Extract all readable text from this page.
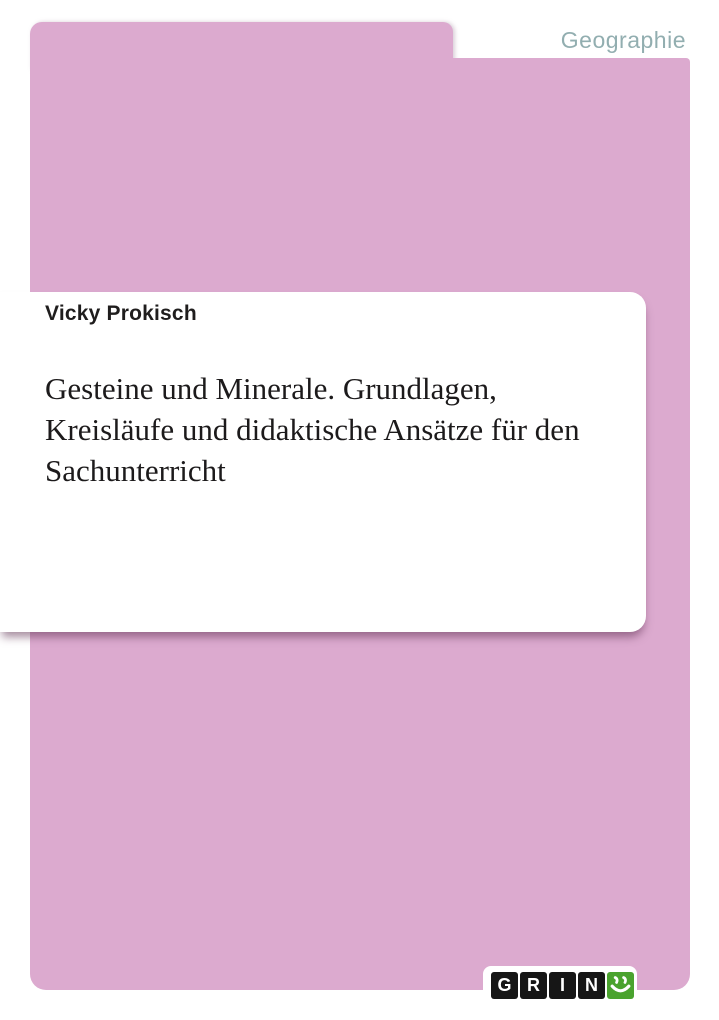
Geographie
Vicky Prokisch
Gesteine und Minerale. Grundlagen,
Kreisläufe und didaktische Ansätze für den
Sachunterricht
G R	I	N
